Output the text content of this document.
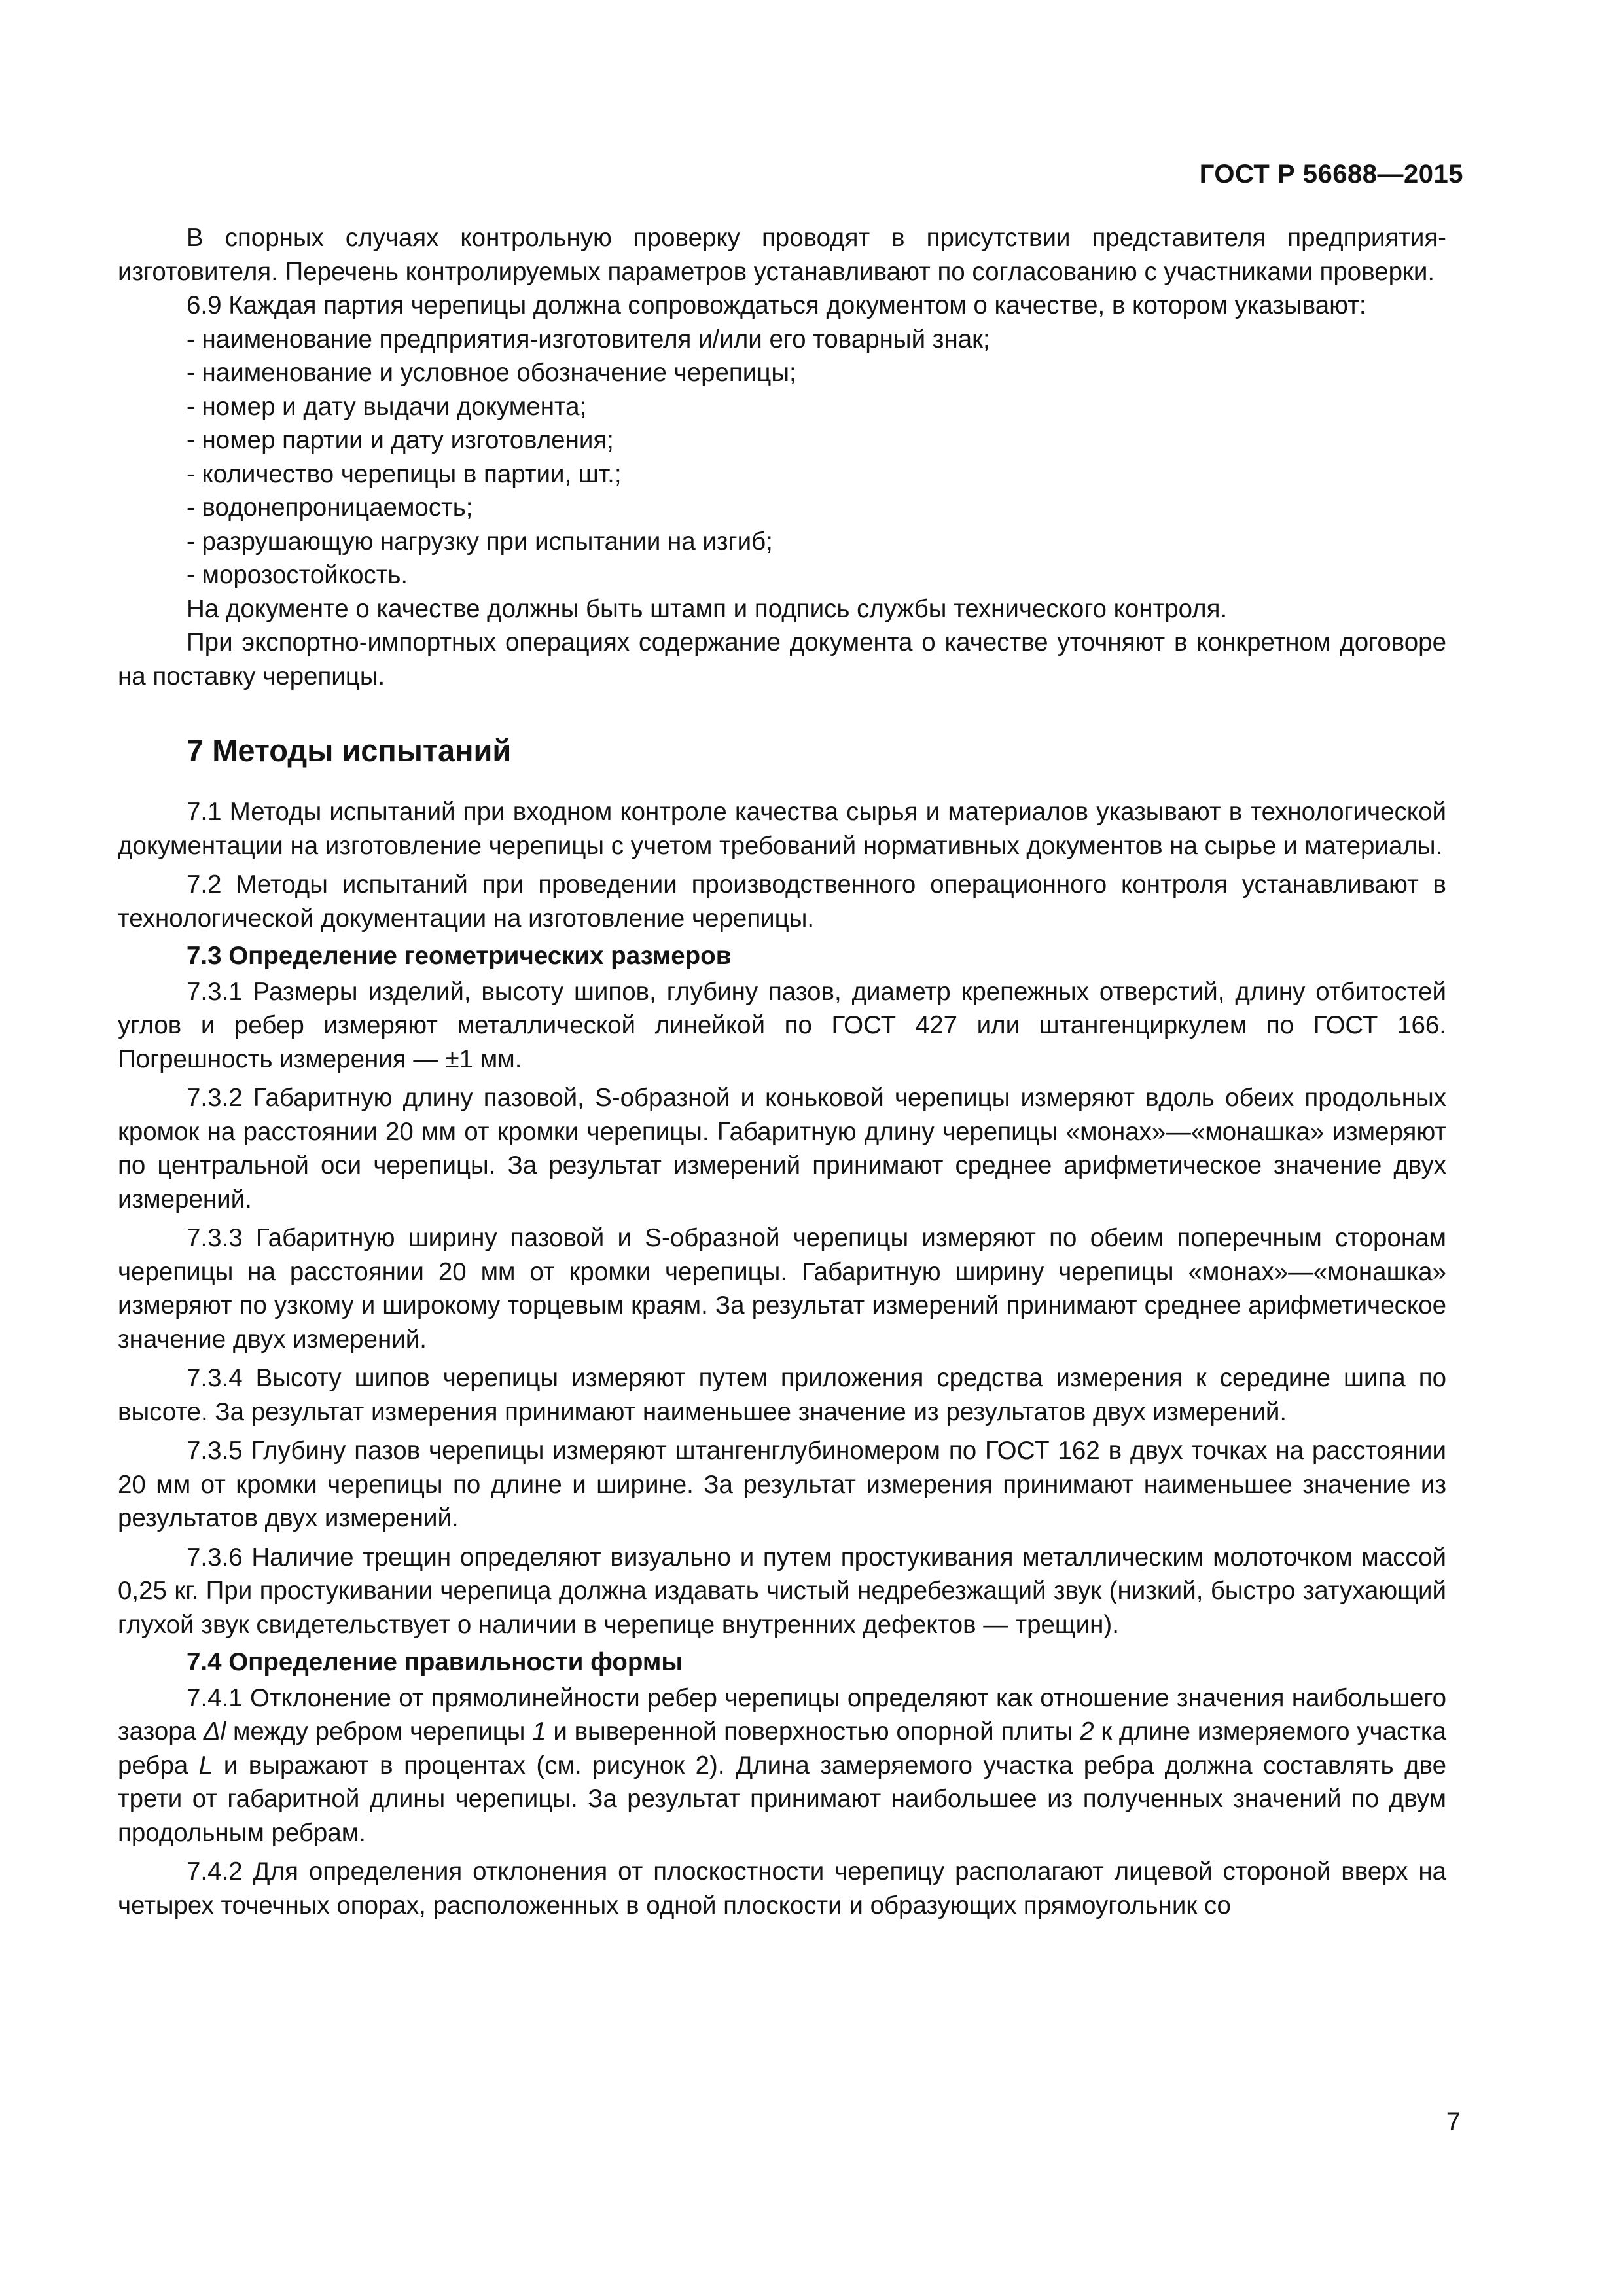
ГОСТ Р 56688—2015

В спорных случаях контрольную проверку проводят в присутствии представителя предприятия-изготовителя. Перечень контролируемых параметров устанавливают по согласованию с участниками проверки.

6.9 Каждая партия черепицы должна сопровождаться документом о качестве, в котором указывают:

- наименование предприятия-изготовителя и/или его товарный знак;
- наименование и условное обозначение черепицы;
- номер и дату выдачи документа;
- номер партии и дату изготовления;
- количество черепицы в партии, шт.;
- водонепроницаемость;
- разрушающую нагрузку при испытании на изгиб;
- морозостойкость.

На документе о качестве должны быть штамп и подпись службы технического контроля.

При экспортно-импортных операциях содержание документа о качестве уточняют в конкретном договоре на поставку черепицы.

7 Методы испытаний

7.1 Методы испытаний при входном контроле качества сырья и материалов указывают в технологической документации на изготовление черепицы с учетом требований нормативных документов на сырье и материалы.

7.2 Методы испытаний при проведении производственного операционного контроля устанавливают в технологической документации на изготовление черепицы.

7.3 Определение геометрических размеров

7.3.1 Размеры изделий, высоту шипов, глубину пазов, диаметр крепежных отверстий, длину отбитостей углов и ребер измеряют металлической линейкой по ГОСТ 427 или штангенциркулем по ГОСТ 166. Погрешность измерения — ±1 мм.

7.3.2 Габаритную длину пазовой, S-образной и коньковой черепицы измеряют вдоль обеих продольных кромок на расстоянии 20 мм от кромки черепицы. Габаритную длину черепицы «монах»—«монашка» измеряют по центральной оси черепицы. За результат измерений принимают среднее арифметическое значение двух измерений.

7.3.3 Габаритную ширину пазовой и S-образной черепицы измеряют по обеим поперечным сторонам черепицы на расстоянии 20 мм от кромки черепицы. Габаритную ширину черепицы «монах»—«монашка» измеряют по узкому и широкому торцевым краям. За результат измерений принимают среднее арифметическое значение двух измерений.

7.3.4 Высоту шипов черепицы измеряют путем приложения средства измерения к середине шипа по высоте. За результат измерения принимают наименьшее значение из результатов двух измерений.

7.3.5 Глубину пазов черепицы измеряют штангенглубиномером по ГОСТ 162 в двух точках на расстоянии 20 мм от кромки черепицы по длине и ширине. За результат измерения принимают наименьшее значение из результатов двух измерений.

7.3.6 Наличие трещин определяют визуально и путем простукивания металлическим молоточком массой 0,25 кг. При простукивании черепица должна издавать чистый недребезжащий звук (низкий, быстро затухающий глухой звук свидетельствует о наличии в черепице внутренних дефектов — трещин).

7.4 Определение правильности формы

7.4.1 Отклонение от прямолинейности ребер черепицы определяют как отношение значения наибольшего зазора Δl между ребром черепицы 1 и выверенной поверхностью опорной плиты 2 к длине измеряемого участка ребра L и выражают в процентах (см. рисунок 2). Длина замеряемого участка ребра должна составлять две трети от габаритной длины черепицы. За результат принимают наибольшее из полученных значений по двум продольным ребрам.

7.4.2 Для определения отклонения от плоскостности черепицу располагают лицевой стороной вверх на четырех точечных опорах, расположенных в одной плоскости и образующих прямоугольник со

7
